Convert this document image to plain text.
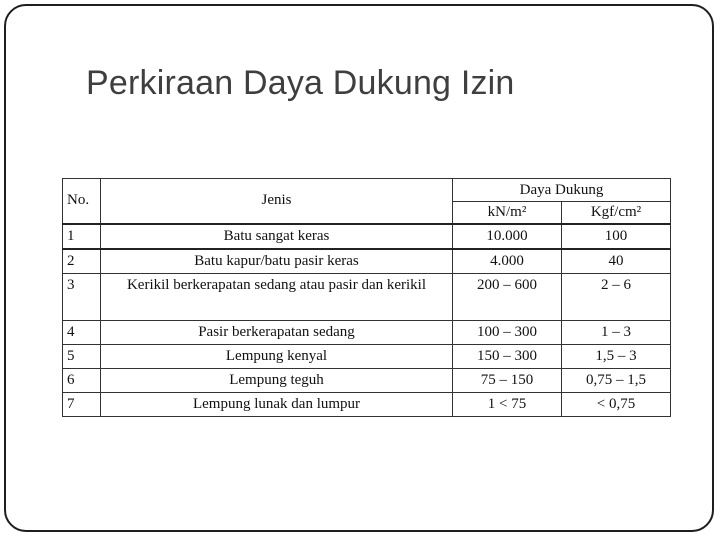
Perkiraan Daya Dukung Izin
No.	Jenis	Daya Dukung	
		kN/m²	Kgf/cm²
1	Batu sangat keras	10.000	100
2	Batu kapur/batu pasir keras	4.000	40
3	Kerikil berkerapatan sedang atau pasir dan kerikil	200 – 600	2 – 6
4	Pasir berkerapatan sedang	100 – 300	1 – 3
5	Lempung kenyal	150 – 300	1,5 – 3
6	Lempung teguh	75 – 150	0,75 – 1,5
7	Lempung lunak dan lumpur	1 < 75	< 0,75
